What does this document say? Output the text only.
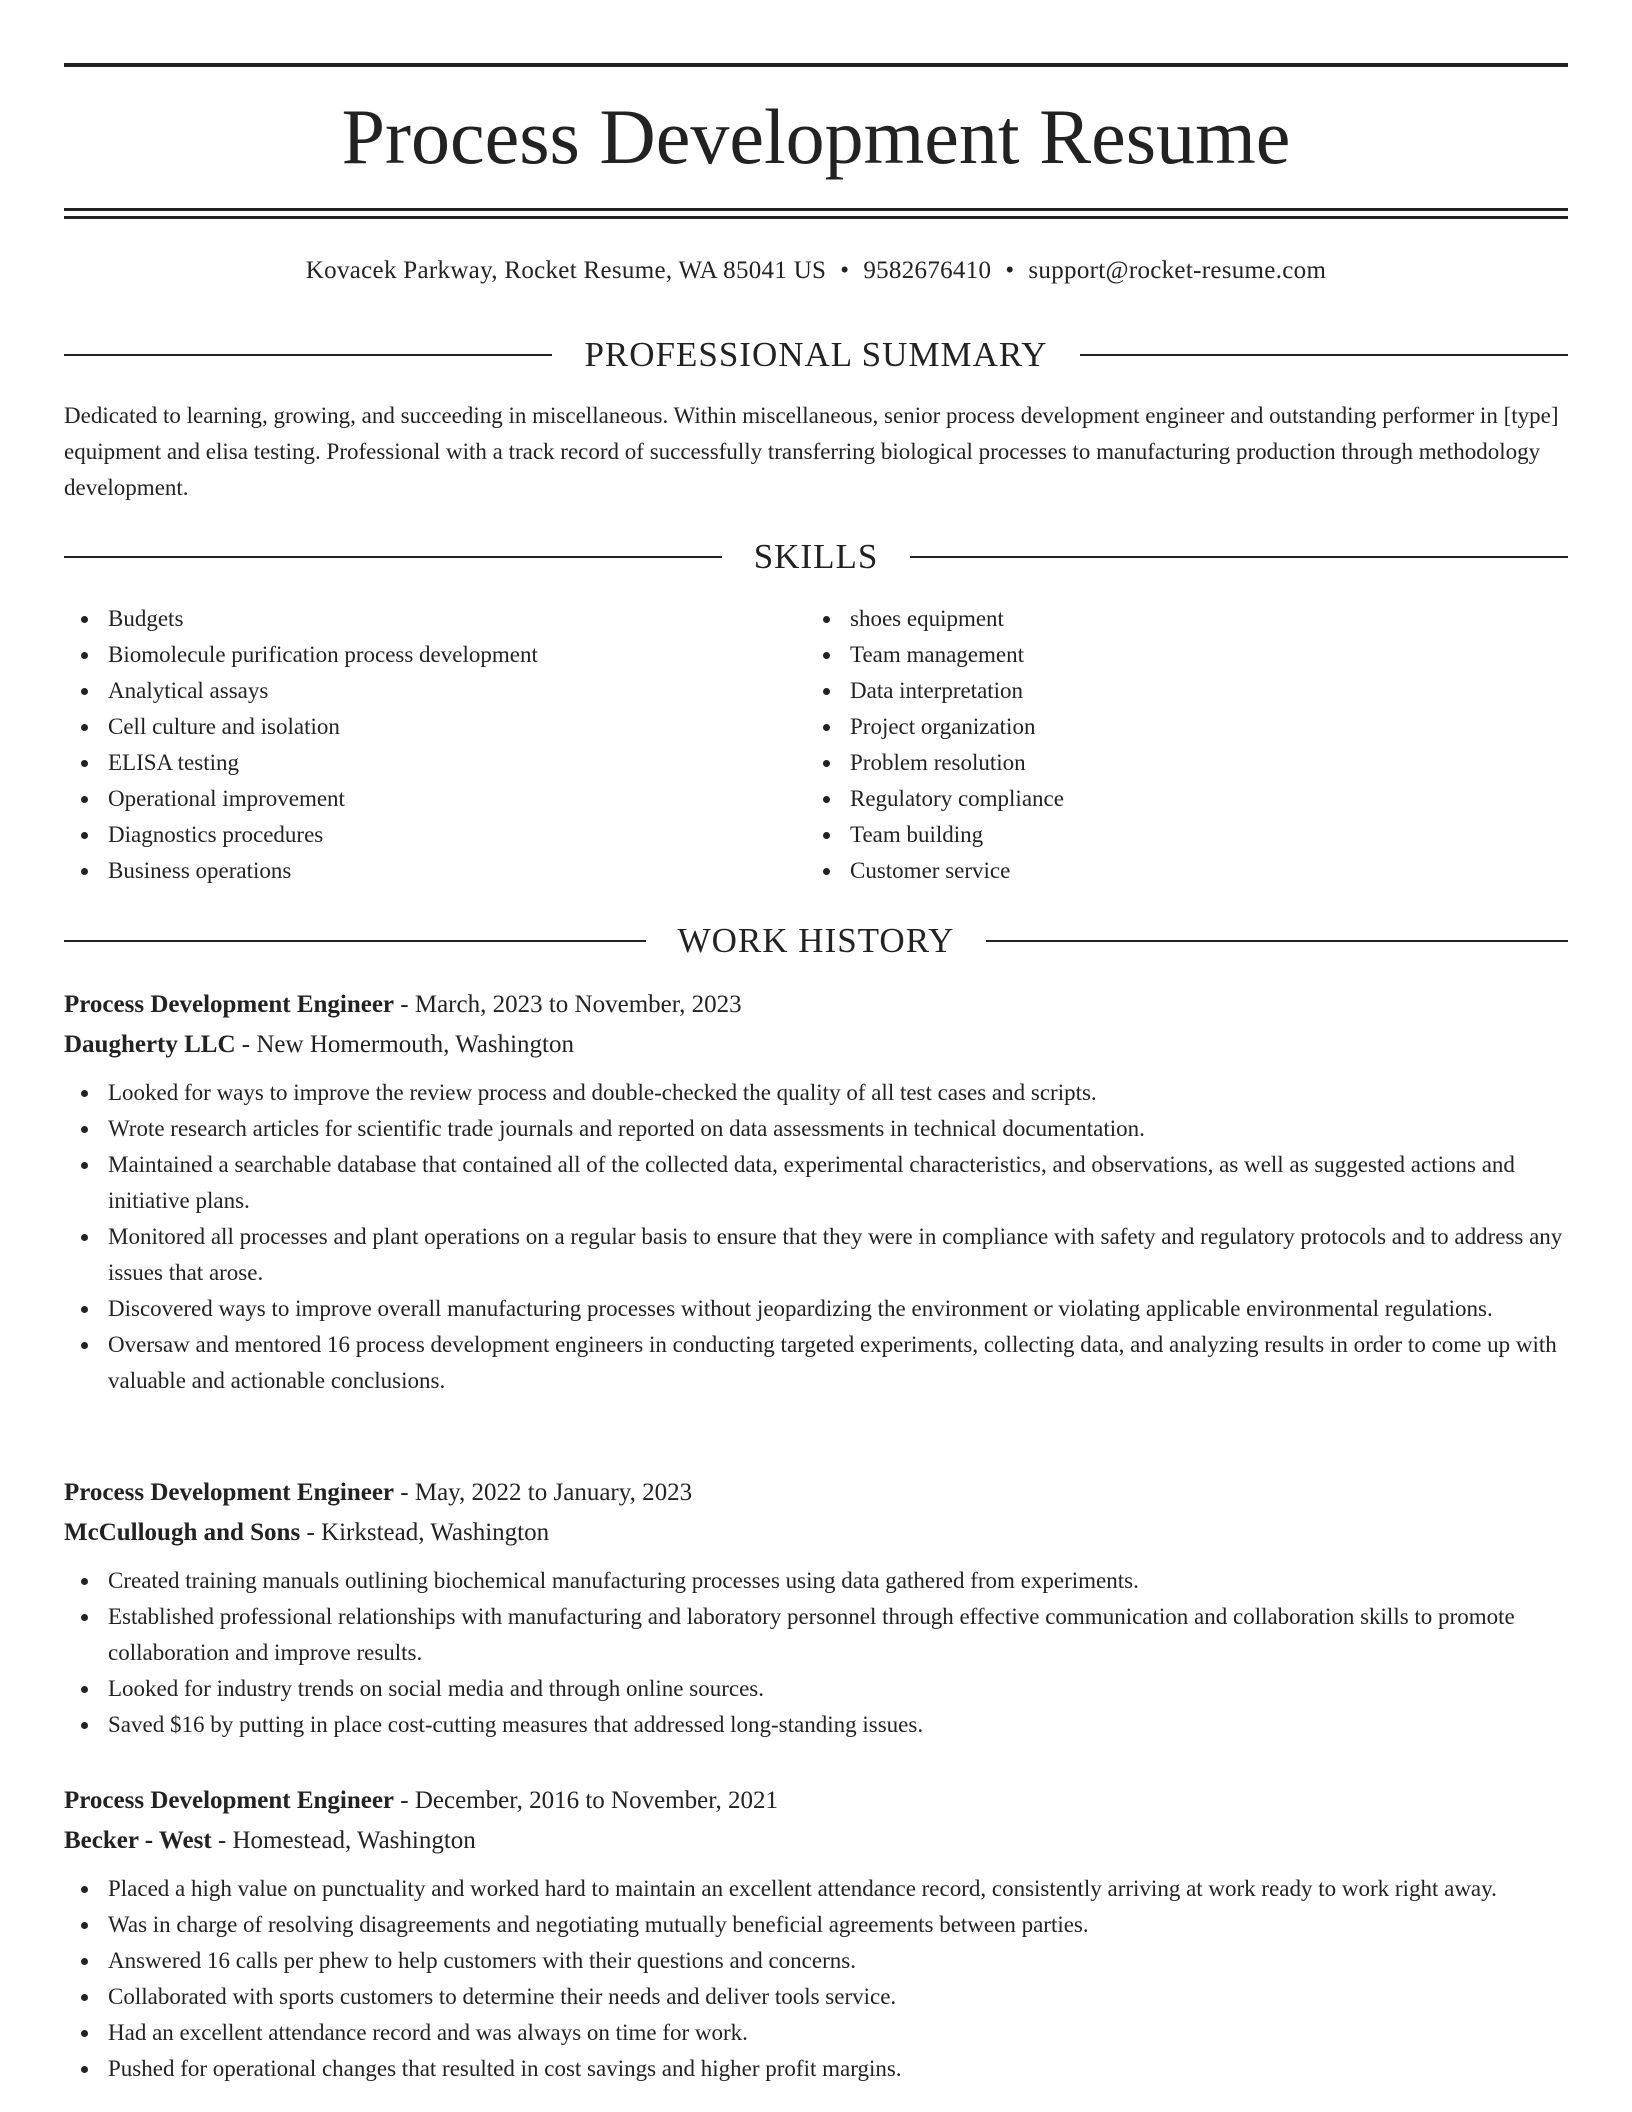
Process Development Resume
Kovacek Parkway, Rocket Resume, WA 85041 US • 9582676410 • support@rocket-resume.com
PROFESSIONAL SUMMARY

Dedicated to learning, growing, and succeeding in miscellaneous. Within miscellaneous, senior process development engineer and outstanding performer in [type] equipment and elisa testing. Professional with a track record of successfully transferring biological processes to manufacturing production through methodology development.

SKILLS
Budgets
Biomolecule purification process development
Analytical assays
Cell culture and isolation
ELISA testing
Operational improvement
Diagnostics procedures
Business operations
shoes equipment
Team management
Data interpretation
Project organization
Problem resolution
Regulatory compliance
Team building
Customer service
WORK HISTORY
Process Development Engineer - March, 2023 to November, 2023
Daugherty LLC - New Homermouth, Washington
Looked for ways to improve the review process and double-checked the quality of all test cases and scripts.
Wrote research articles for scientific trade journals and reported on data assessments in technical documentation.
Maintained a searchable database that contained all of the collected data, experimental characteristics, and observations, as well as suggested actions and initiative plans.
Monitored all processes and plant operations on a regular basis to ensure that they were in compliance with safety and regulatory protocols and to address any issues that arose.
Discovered ways to improve overall manufacturing processes without jeopardizing the environment or violating applicable environmental regulations.
Oversaw and mentored 16 process development engineers in conducting targeted experiments, collecting data, and analyzing results in order to come up with valuable and actionable conclusions.
Process Development Engineer - May, 2022 to January, 2023
McCullough and Sons - Kirkstead, Washington
Created training manuals outlining biochemical manufacturing processes using data gathered from experiments.
Established professional relationships with manufacturing and laboratory personnel through effective communication and collaboration skills to promote collaboration and improve results.
Looked for industry trends on social media and through online sources.
Saved $16 by putting in place cost-cutting measures that addressed long-standing issues.
Process Development Engineer - December, 2016 to November, 2021
Becker - West - Homestead, Washington
Placed a high value on punctuality and worked hard to maintain an excellent attendance record, consistently arriving at work ready to work right away.
Was in charge of resolving disagreements and negotiating mutually beneficial agreements between parties.
Answered 16 calls per phew to help customers with their questions and concerns.
Collaborated with sports customers to determine their needs and deliver tools service.
Had an excellent attendance record and was always on time for work.
Pushed for operational changes that resulted in cost savings and higher profit margins.
